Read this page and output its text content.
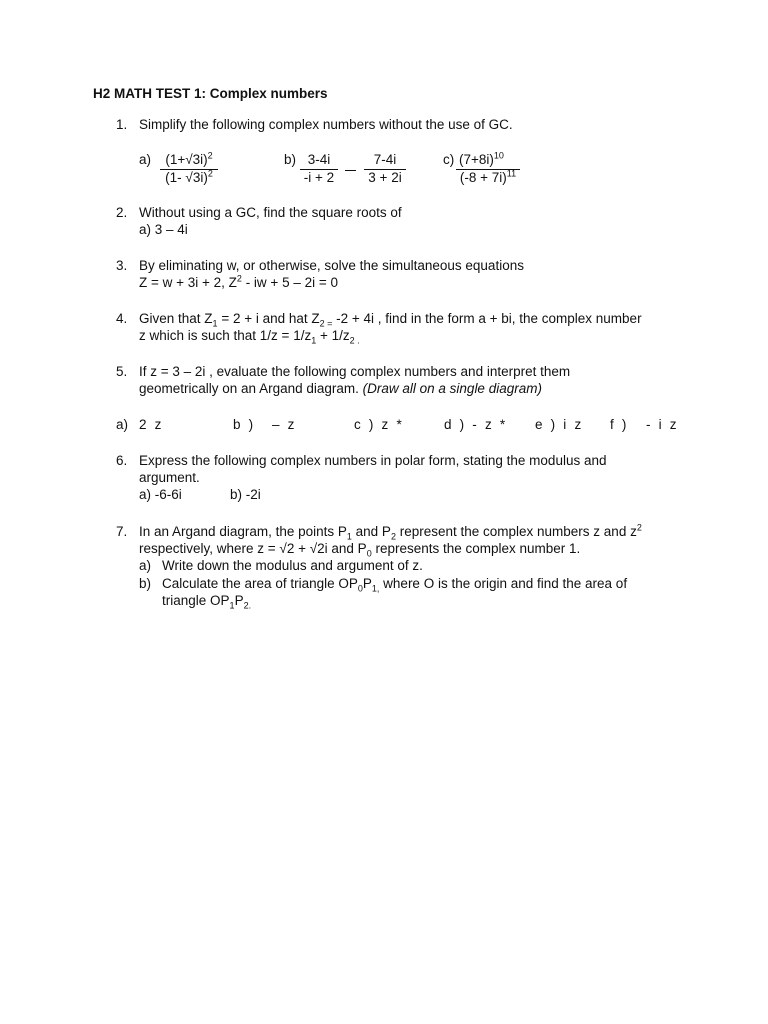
H2 MATH TEST 1: Complex numbers
1. Simplify the following complex numbers without the use of GC.
a)	$(1+√3i)^2$
(1- √3i)$^2$
b) 3-4i
-i + 2
7-4i
3 + 2i
c) $(7+8i)^{10}$
$(-8 + 7i)^{11}$
2. Without using a GC, find the square roots of
a) 3 – 4i
3. By eliminating w, or otherwise, solve the simultaneous equations
Z = w + 3i + 2, $Z^2$ - iw + 5 – 2i = 0
4. Given that $Z_1 = 2 + i$ and hat $Z_{2 =}$ -2 + 4i , find in the form a + bi, the complex number
z which is such that $1/z = 1/z_1 + 1/z_{2 .}$
5. If z = 3 – 2i , evaluate the following complex numbers and interpret them
geometrically on an Argand diagram. (Draw all on a single diagram)
a) 2 z	b ) – z	c ) z *	d ) - z * e ) i z f ) - i z
6. Express the following complex numbers in polar form, stating the modulus and
argument.
a) -6-6i	b) -2i
7. In an Argand diagram, the points $P_1$ and $P_2$ represent the complex numbers z and $z^2$
respectively, where z = √2 + √2i and $P_0$ represents the complex number 1.
a) Write down the modulus and argument of z.
b) Calculate the area of triangle $OP_0P_{1,}$ where O is the origin and find the area of
triangle $OP_1P_{2.}$
